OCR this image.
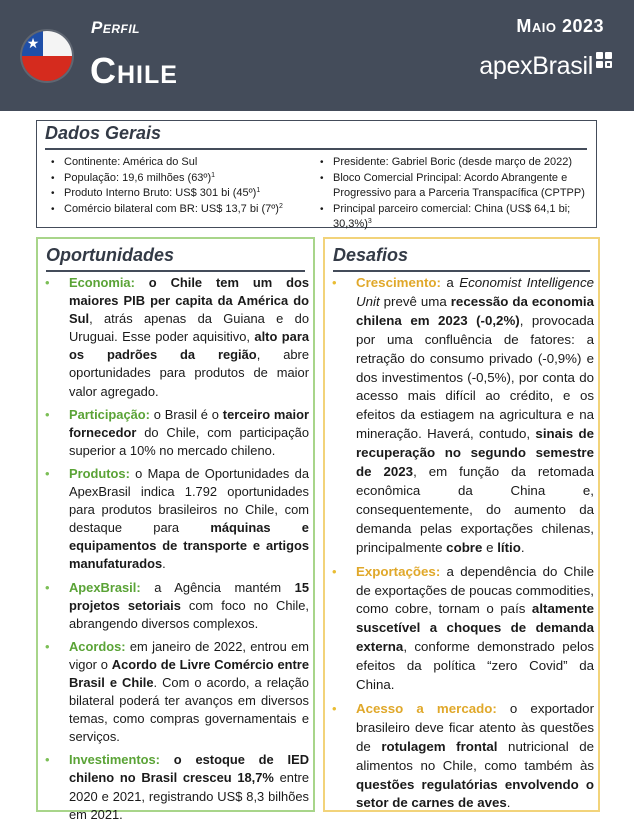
★
Perfil
Chile
Maio 2023
apexBrasil
Dados Gerais
• Continente: América do Sul
• População: 19,6 milhões (63º)$^1$
• Produto Interno Bruto: US$ 301 bi (45º)$^1$
• Comércio bilateral com BR: US$ 13,7 bi (7º)$^2$
• Presidente: Gabriel Boric (desde março de 2022)
• Bloco Comercial Principal: Acordo Abrangente e Progressivo para a Parceria Transpacífica (CPTPP)
• Principal parceiro comercial: China (US$ 64,1 bi; 30,3%)$^3$
Oportunidades
• Economia: o Chile tem um dos maiores PIB per capita da América do Sul, atrás apenas da Guiana e do Uruguai. Esse poder aquisitivo, alto para os padrões da região, abre oportunidades para produtos de maior valor agregado.
• Participação: o Brasil é o terceiro maior fornecedor do Chile, com participação superior a 10% no mercado chileno.
• Produtos: o Mapa de Oportunidades da ApexBrasil indica 1.792 oportunidades para produtos brasileiros no Chile, com destaque para máquinas e equipamentos de transporte e artigos manufaturados.
• ApexBrasil: a Agência mantém 15 projetos setoriais com foco no Chile, abrangendo diversos complexos.
• Acordos: em janeiro de 2022, entrou em vigor o Acordo de Livre Comércio entre Brasil e Chile. Com o acordo, a relação bilateral poderá ter avanços em diversos temas, como compras governamentais e serviços.
• Investimentos: o estoque de IED chileno no Brasil cresceu 18,7% entre 2020 e 2021, registrando US$ 8,3 bilhões em 2021.
Desafios
• Crescimento: a Economist Intelligence Unit prevê uma recessão da economia chilena em 2023 (-0,2%), provocada por uma confluência de fatores: a retração do consumo privado (-0,9%) e dos investimentos (-0,5%), por conta do acesso mais difícil ao crédito, e os efeitos da estiagem na agricultura e na mineração. Haverá, contudo, sinais de recuperação no segundo semestre de 2023, em função da retomada econômica da China e, consequentemente, do aumento da demanda pelas exportações chilenas, principalmente cobre e lítio.
• Exportações: a dependência do Chile de exportações de poucas commodities, como cobre, tornam o país altamente suscetível a choques de demanda externa, conforme demonstrado pelos efeitos da política “zero Covid” da China.
• Acesso a mercado: o exportador brasileiro deve ficar atento às questões de rotulagem frontal nutricional de alimentos no Chile, como também às questões regulatórias envolvendo o setor de carnes de aves.
